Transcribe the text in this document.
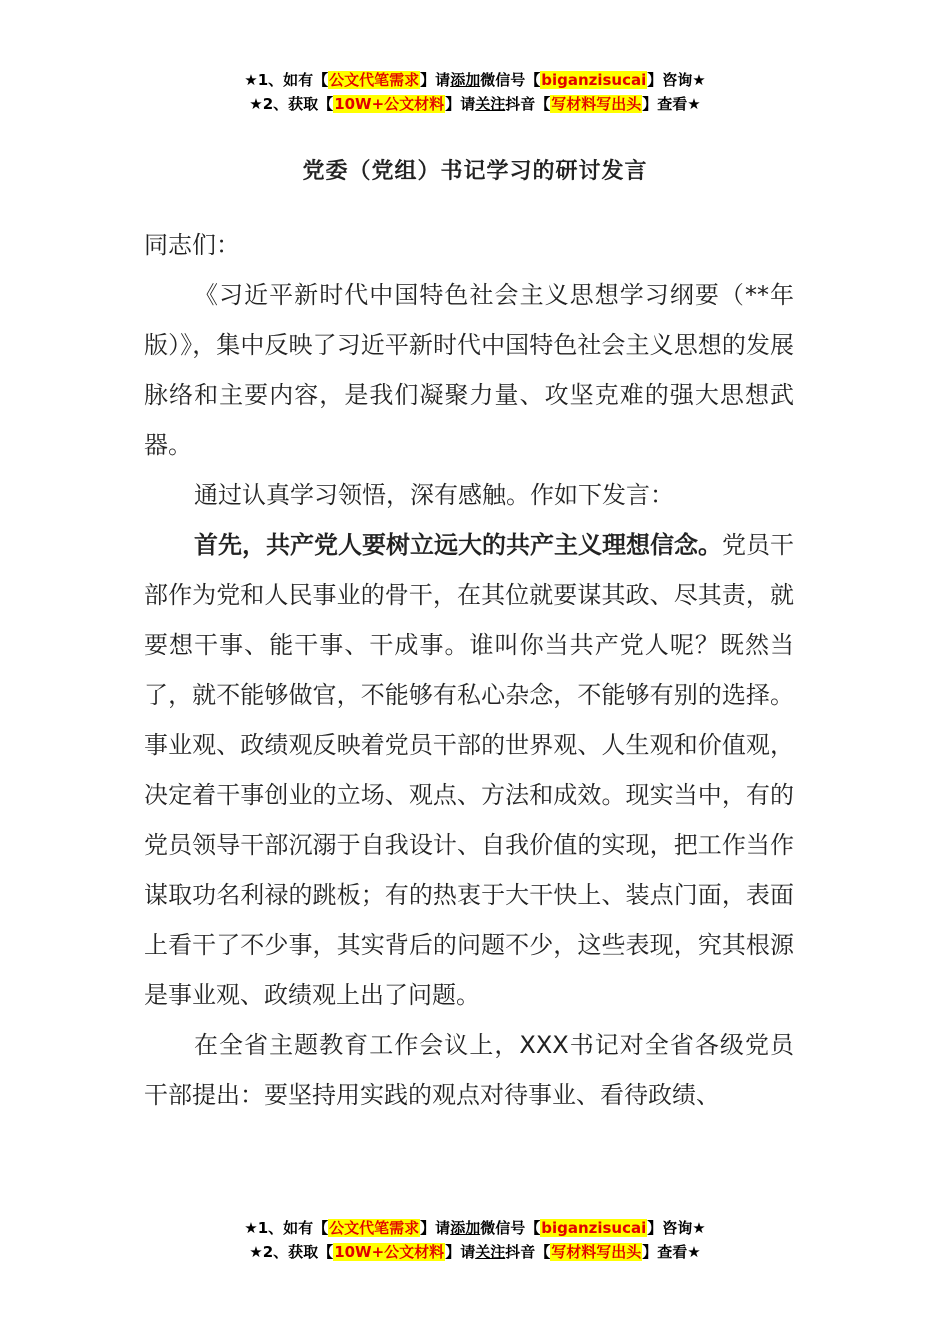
★1、如有【公文代笔需求】请添加微信号【biganzisucai】咨询★
★2、获取【10W+公文材料】请关注抖音【写材料写出头】查看★
党委（党组）书记学习的研讨发言

同志们：

《习近平新时代中国特色社会主义思想学习纲要（**年版）》，集中反映了习近平新时代中国特色社会主义思想的发展脉络和主要内容，是我们凝聚力量、攻坚克难的强大思想武器。

通过认真学习领悟，深有感触。作如下发言：

首先，共产党人要树立远大的共产主义理想信念。党员干部作为党和人民事业的骨干，在其位就要谋其政、尽其责，就要想干事、能干事、干成事。谁叫你当共产党人呢？既然当了，就不能够做官，不能够有私心杂念，不能够有别的选择。事业观、政绩观反映着党员干部的世界观、人生观和价值观，决定着干事创业的立场、观点、方法和成效。现实当中，有的党员领导干部沉溺于自我设计、自我价值的实现，把工作当作谋取功名利禄的跳板；有的热衷于大干快上、装点门面，表面上看干了不少事，其实背后的问题不少，这些表现，究其根源是事业观、政绩观上出了问题。

在全省主题教育工作会议上，XXX书记对全省各级党员干部提出：要坚持用实践的观点对待事业、看待政绩、

★1、如有【公文代笔需求】请添加微信号【biganzisucai】咨询★
★2、获取【10W+公文材料】请关注抖音【写材料写出头】查看★
